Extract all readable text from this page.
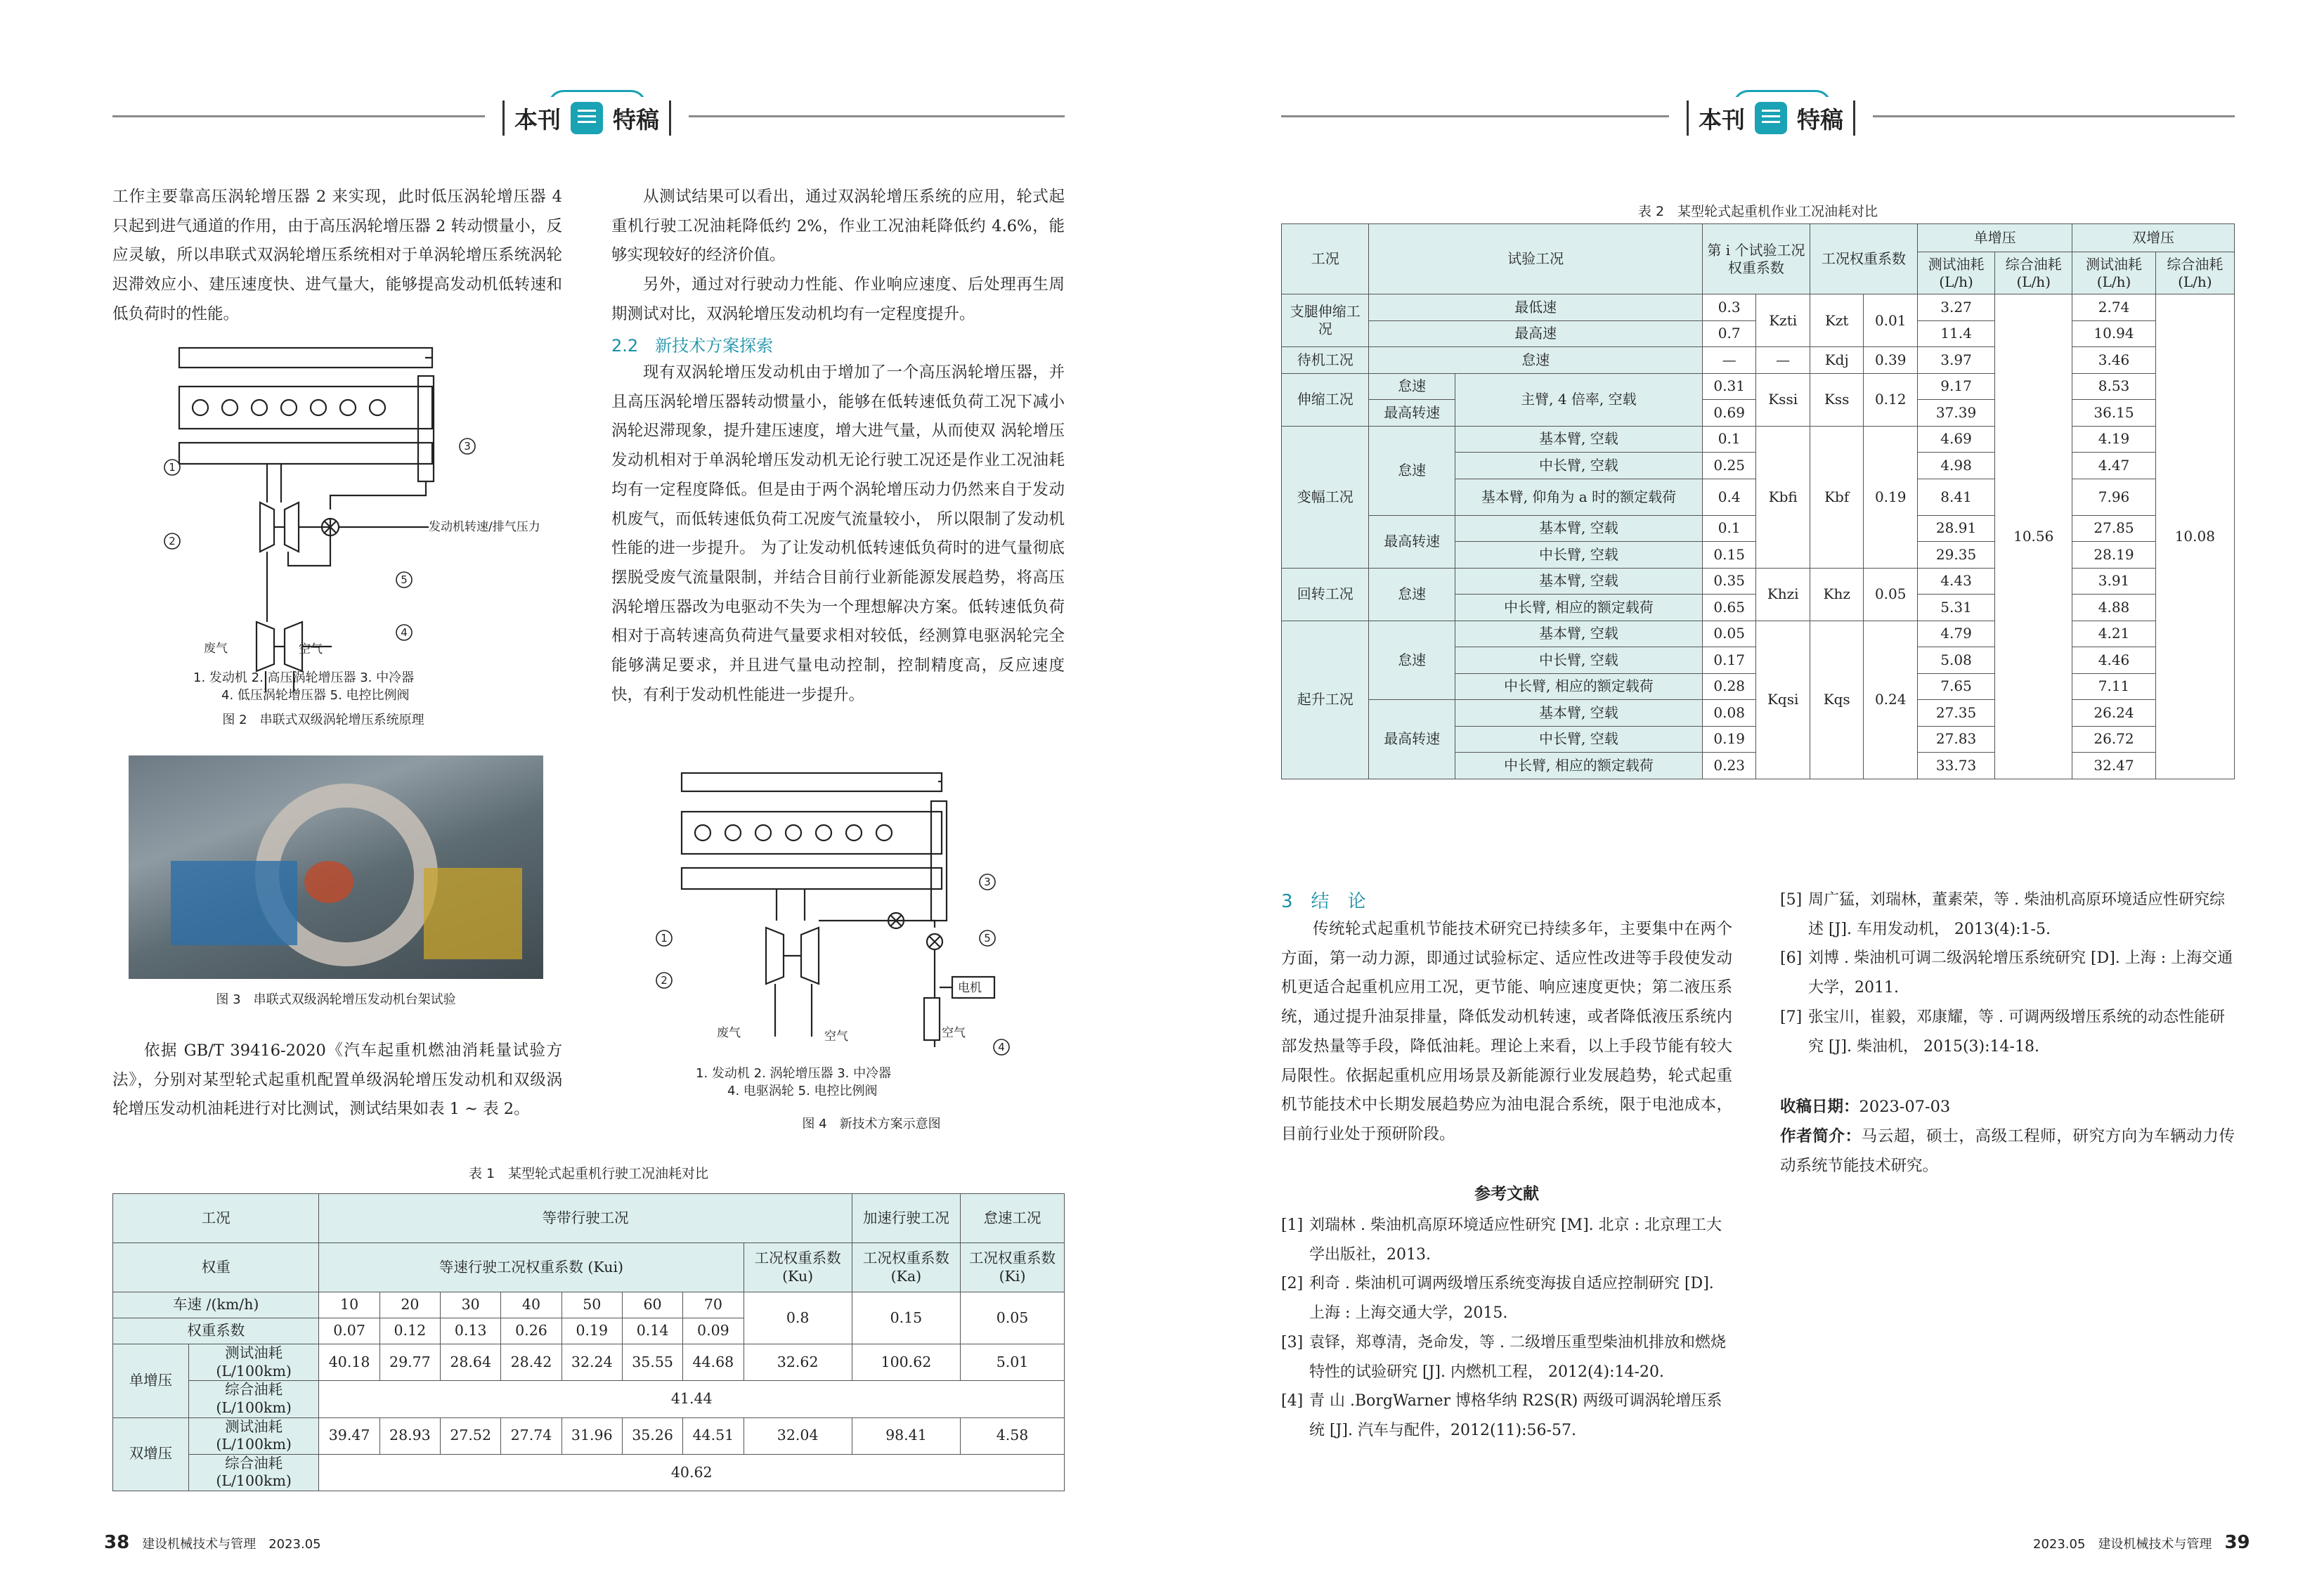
本刊 特稿
工作主要靠高压涡轮增压器 2 来实现，此时低压涡轮增压器 4 只起到进气通道的作用，由于高压涡轮增压器 2 转动惯量小，反应灵敏，所以串联式双涡轮增压系统相对于单涡轮增压系统涡轮迟滞效应小、建压速度快、进气量大，能够提高发动机低转速和低负荷时的性能。
发动机转速/排气压力
废气	空气
1
2
3
5
4
1. 发动机 2. 高压涡轮增压器 3. 中冷器
4. 低压涡轮增压器 5. 电控比例阀
图 2　串联式双级涡轮增压系统原理
图 3　串联式双级涡轮增压发动机台架试验
依据 GB/T 39416-2020《汽车起重机燃油消耗量试验方法》，分别对某型轮式起重机配置单级涡轮增压发动机和双级涡轮增压发动机油耗进行对比测试，测试结果如表 1 ~ 表 2。
从测试结果可以看出，通过双涡轮增压系统的应用，轮式起重机行驶工况油耗降低约 2%，作业工况油耗降低约 4.6%，能够实现较好的经济价值。
另外，通过对行驶动力性能、作业响应速度、后处理再生周期测试对比，双涡轮增压发动机均有一定程度提升。
2.2　新技术方案探索
现有双涡轮增压发动机由于增加了一个高压涡轮增压器，并且高压涡轮增压器转动惯量小，能够在低转速低负荷工况下减小涡轮迟滞现象，提升建压速度，增大进气量，从而使双 涡轮增压发动机相对于单涡轮增压发动机无论行驶工况还是作业工况油耗均有一定程度降低。但是由于两个涡轮增压动力仍然来自于发动机废气，而低转速低负荷工况废气流量较小， 所以限制了发动机性能的进一步提升。 为了让发动机低转速低负荷时的进气量彻底摆脱受废气流量限制，并结合目前行业新能源发展趋势，将高压涡轮增压器改为电驱动不失为一个理想解决方案。低转速低负荷相对于高转速高负荷进气量要求相对较低，经测算电驱涡轮完全能够满足要求，并且进气量电动控制，控制精度高，反应速度快，有利于发动机性能进一步提升。
电机
废气	空气	空气
1
2
3
5
4
1. 发动机 2. 涡轮增压器 3. 中冷器
4. 电驱涡轮 5. 电控比例阀
图 4　新技术方案示意图
表 1　某型轮式起重机行驶工况油耗对比
工况		等带行驶工况								加速行驶工况	怠速工况
权重		等速行驶工况权重系数 (Kui)							工况权重系数 (Ku)	工况权重系数 (Ka)	工况权重系数 (Ki)
车速 /(km/h)		10	20	30	40	50	60	70	0.8	0.15	0.05
权重系数		0.07	0.12	0.13	0.26	0.19	0.14	0.09			
单增压	测试油耗 (L/100km)	40.18	29.77	28.64	28.42	32.24	35.55	44.68	32.62	100.62	5.01
	综合油耗 (L/100km)	41.44									
双增压	测试油耗 (L/100km)	39.47	28.93	27.52	27.74	31.96	35.26	44.51	32.04	98.41	4.58
	综合油耗 (L/100km)	40.62									
38 建设机械技术与管理 2023.05
本刊 特稿
表 2　某型轮式起重机作业工况油耗对比
工况	试验工况		第 i 个试验工况权重系数		工况权重系数		单增压		双增压	
							测试油耗 (L/h)	综合油耗 (L/h)	测试油耗 (L/h)	综合油耗 (L/h)
支腿伸缩工况	最低速		0.3	Kzti	Kzt	0.01	3.27	10.56	2.74	10.08
	最高速		0.7				11.4		10.94	
待机工况	怠速		—	—	Kdj	0.39	3.97		3.46	
伸缩工况	怠速	主臂, 4 倍率, 空载	0.31	Kssi	Kss	0.12	9.17		8.53	
	最高转速		0.69				37.39		36.15	
变幅工况	怠速	基本臂, 空载	0.1	Kbfi	Kbf	0.19	4.69		4.19	
		中长臂, 空载	0.25				4.98		4.47	
		基本臂, 仰角为 a 时的额定载荷	0.4				8.41		7.96	
	最高转速	基本臂, 空载	0.1				28.91		27.85	
		中长臂, 空载	0.15				29.35		28.19	
回转工况	怠速	基本臂, 空载	0.35	Khzi	Khz	0.05	4.43		3.91	
		中长臂, 相应的额定载荷	0.65				5.31		4.88	
起升工况	怠速	基本臂, 空载	0.05	Kqsi	Kqs	0.24	4.79		4.21	
		中长臂, 空载	0.17				5.08		4.46	
		中长臂, 相应的额定载荷	0.28				7.65		7.11	
	最高转速	基本臂, 空载	0.08				27.35		26.24	
		中长臂, 空载	0.19				27.83		26.72	
		中长臂, 相应的额定载荷	0.23				33.73		32.47	
3　结　论
传统轮式起重机节能技术研究已持续多年，主要集中在两个方面，第一动力源，即通过试验标定、适应性改进等手段使发动机更适合起重机应用工况，更节能、响应速度更快；第二液压系统，通过提升油泵排量，降低发动机转速，或者降低液压系统内部发热量等手段，降低油耗。理论上来看，以上手段节能有较大局限性。依据起重机应用场景及新能源行业发展趋势，轮式起重机节能技术中长期发展趋势应为油电混合系统，限于电池成本，目前行业处于预研阶段。
参考文献
[1] 刘瑞林 . 柴油机高原环境适应性研究 [M]. 北京 : 北京理工大学出版社，2013.
[2] 利奇 . 柴油机可调两级增压系统变海拔自适应控制研究 [D]. 上海 : 上海交通大学，2015.
[3] 袁铎，郑尊清，尧命发，等 . 二级增压重型柴油机排放和燃烧特性的试验研究 [J]. 内燃机工程， 2012(4):14-20.
[4] 青 山 .BorgWarner 博格华纳 R2S(R) 两级可调涡轮增压系统 [J]. 汽车与配件，2012(11):56-57.
[5] 周广猛，刘瑞林，董素荣，等 . 柴油机高原环境适应性研究综述 [J]. 车用发动机， 2013(4):1-5.
[6] 刘博 . 柴油机可调二级涡轮增压系统研究 [D]. 上海 : 上海交通大学，2011.
[7] 张宝川，崔毅，邓康耀，等 . 可调两级增压系统的动态性能研究 [J]. 柴油机， 2015(3):14-18.
收稿日期：2023-07-03
作者简介：马云超，硕士，高级工程师，研究方向为车辆动力传动系统节能技术研究。
2023.05 建设机械技术与管理 39
